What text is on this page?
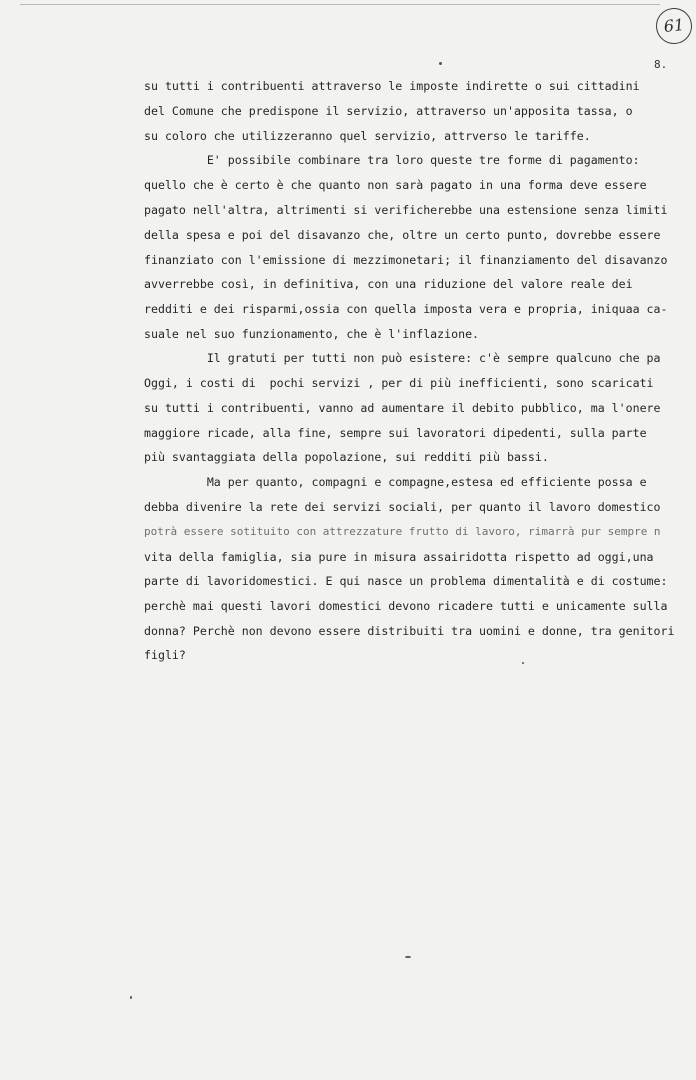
61
8.
su tutti i contribuenti attraverso le imposte indirette o sui cittadini
del Comune che predispone il servizio, attraverso un'apposita tassa, o
su coloro che utilizzeranno quel servizio, attrverso le tariffe.
E' possibile combinare tra loro queste tre forme di pagamento:
quello che è certo è che quanto non sarà pagato in una forma deve essere
pagato nell'altra, altrimenti si verificherebbe una estensione senza limiti
della spesa e poi del disavanzo che, oltre un certo punto, dovrebbe essere
finanziato con l'emissione di mezzimonetari; il finanziamento del disavanzo
avverrebbe così, in definitiva, con una riduzione del valore reale dei
redditi e dei risparmi,ossia con quella imposta vera e propria, iniquaa ca-
suale nel suo funzionamento, che è l'inflazione.
Il gratuti per tutti non può esistere: c'è sempre qualcuno che pa
Oggi, i costi di  pochi servizi , per di più inefficienti, sono scaricati
su tutti i contribuenti, vanno ad aumentare il debito pubblico, ma l'onere
maggiore ricade, alla fine, sempre sui lavoratori dipedenti, sulla parte
più svantaggiata della popolazione, sui redditi più bassi.
Ma per quanto, compagni e compagne,estesa ed efficiente possa e
debba divenire la rete dei servizi sociali, per quanto il lavoro domestico
potrà essere sotituito con attrezzature frutto di lavoro, rimarrà pur sempre n
vita della famiglia, sia pure in misura assairidotta rispetto ad oggi,una
parte di lavoridomestici. E qui nasce un problema dimentalità e di costume:
perchè mai questi lavori domestici devono ricadere tutti e unicamente sulla
donna? Perchè non devono essere distribuiti tra uomini e donne, tra genitori
figli?
